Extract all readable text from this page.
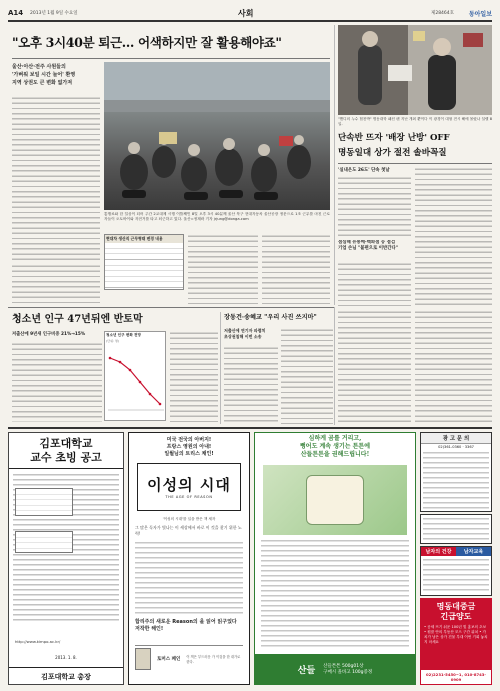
A14 2013년 1월 9일 수요일	사회	제28464호 동아일보
"오후 3시40분 퇴근… 어색하지만 잘 활용해야죠"
울산·아산·전주 사원들의
'가벼워 보일 시간 늘어' 환영
지역 상권도 큰 변화 없가져
통행료와 한 일상이 되어 주간 2교대제 시행 이틀째인 8일 오후 3시 40분께 울산 북구 현대자동차 울산공장 정문으로 1조 근무를 마친 근로자들이 오토바이와 자전거를 타고 퇴근하고 있다. 울산=정재락 기자 jrjung@donga.com
현대차 생산직 근무형태 변경 내용
"핸디의 누수 힘찬박" 명동대학 패션 팬 지난 개최 뿐이다 이 광경이 대형 전시 해에 몰랐나 설렐 8일.
단속반 뜨자 '배장 난방' OFF
명동일대 상가 절전 솔바꼭질
'실내온도 26도' 단속 첫날
점심때 유통매·백화점 등 점검
기업 손님 "불편으로 이반간다"
청소년 인구 47년뒤엔 반토막
저출산에 9년새 인구비중 21%→15%	청소년 인구 변화 전망
(단위: 명)
장동건·송혜교 "우리 사진 쓰지마"
저출산에 연기자 파렴치
초상권침해 이번 소송
김포대학교
교수 초빙 공고
http://www.kimpo.ac.kr/
2013. 1. 8.
김포대학교 총장
미국 전국의 아버지!
프랑스 영원의 아내!
일월님의 트리스 채인!
이성의 시대
THE AGE OF REASON
'이성의 시대'를 일을 받은 책 세자
그 많은 독자가 빛나는 이 세상에서 바로 이 것을 찾기 위한 노력!
합리주의 새로운 Reason의 을 읽어 읽구었다 저작한 해인!
토머스 페인 이 책은 부드러운 가 이것을 한 대가로 한다.
심하게 곰를 거리고,
뻥어도 계속 생기는 튼튼에
산들튼튼을 권해드립니다!
산들 산들튼튼 500g01상
구매시 올바고 100g증정
광 고 문 의
02)361-0360 · 3367
남자의 건강	남자교육
명동대중금
긴급양도
• 공세 뜨기 쉬운 100년 빛 홍보의 초보 • 원룸 안의 부동산 모으 구간 위치 • 가치가 남은 상가 건물 부대 이번 기회 놓치지 마세요
02)2231-5450~1, 010-8743-0909
